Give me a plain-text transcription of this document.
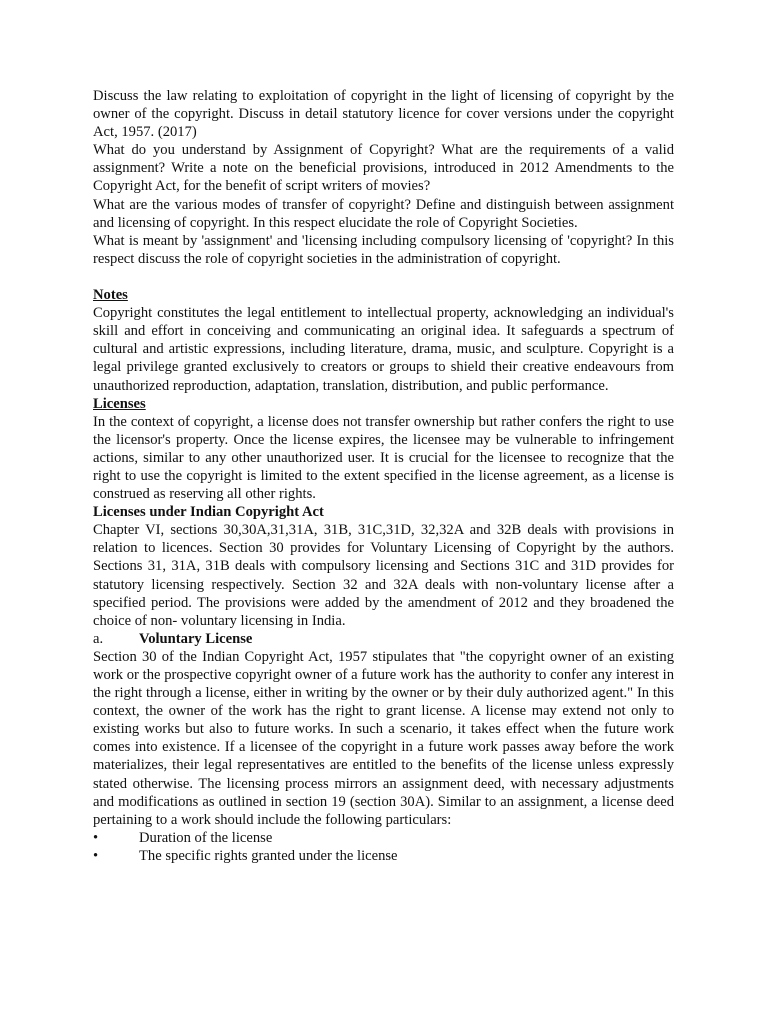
Discuss the law relating to exploitation of copyright in the light of licensing of copyright by the owner of the copyright. Discuss in detail statutory licence for cover versions under the copyright Act, 1957. (2017)

What do you understand by Assignment of Copyright? What are the requirements of a valid assignment? Write a note on the beneficial provisions, introduced in 2012 Amendments to the Copyright Act, for the benefit of script writers of movies?

What are the various modes of transfer of copyright? Define and distinguish between assignment and licensing of copyright. In this respect elucidate the role of Copyright Societies.

What is meant by 'assignment' and 'licensing including compulsory licensing of 'copyright? In this respect discuss the role of copyright societies in the administration of copyright.

Notes

Copyright constitutes the legal entitlement to intellectual property, acknowledging an individual's skill and effort in conceiving and communicating an original idea. It safeguards a spectrum of cultural and artistic expressions, including literature, drama, music, and sculpture. Copyright is a legal privilege granted exclusively to creators or groups to shield their creative endeavours from unauthorized reproduction, adaptation, translation, distribution, and public performance.

Licenses

In the context of copyright, a license does not transfer ownership but rather confers the right to use the licensor's property. Once the license expires, the licensee may be vulnerable to infringement actions, similar to any other unauthorized user. It is crucial for the licensee to recognize that the right to use the copyright is limited to the extent specified in the license agreement, as a license is construed as reserving all other rights.

Licenses under Indian Copyright Act

Chapter VI, sections 30,30A,31,31A, 31B, 31C,31D, 32,32A and 32B deals with provisions in relation to licences. Section 30 provides for Voluntary Licensing of Copyright by the authors. Sections 31, 31A, 31B deals with compulsory licensing and Sections 31C and 31D provides for statutory licensing respectively. Section 32 and 32A deals with non-voluntary license after a specified period. The provisions were added by the amendment of 2012 and they broadened the choice of non- voluntary licensing in India.

a.	Voluntary License

Section 30 of the Indian Copyright Act, 1957 stipulates that "the copyright owner of an existing work or the prospective copyright owner of a future work has the authority to confer any interest in the right through a license, either in writing by the owner or by their duly authorized agent." In this context, the owner of the work has the right to grant license. A license may extend not only to existing works but also to future works. In such a scenario, it takes effect when the future work comes into existence. If a licensee of the copyright in a future work passes away before the work materializes, their legal representatives are entitled to the benefits of the license unless expressly stated otherwise. The licensing process mirrors an assignment deed, with necessary adjustments and modifications as outlined in section 19 (section 30A). Similar to an assignment, a license deed pertaining to a work should include the following particulars:

•	Duration of the license
•	The specific rights granted under the license
